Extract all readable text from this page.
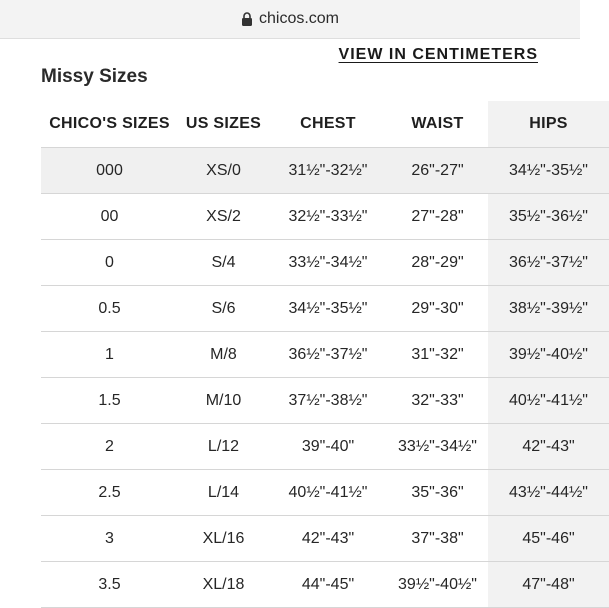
chicos.com
VIEW IN CENTIMETERS
Missy Sizes
CHICO'S SIZES	US SIZES	CHEST	WAIST	HIPS
000	XS/0	31½"-32½"	26"-27"	34½"-35½"
00	XS/2	32½"-33½"	27"-28"	35½"-36½"
0	S/4	33½"-34½"	28"-29"	36½"-37½"
0.5	S/6	34½"-35½"	29"-30"	38½"-39½"
1	M/8	36½"-37½"	31"-32"	39½"-40½"
1.5	M/10	37½"-38½"	32"-33"	40½"-41½"
2	L/12	39"-40"	33½"-34½"	42"-43"
2.5	L/14	40½"-41½"	35"-36"	43½"-44½"
3	XL/16	42"-43"	37"-38"	45"-46"
3.5	XL/18	44"-45"	39½"-40½"	47"-48"
